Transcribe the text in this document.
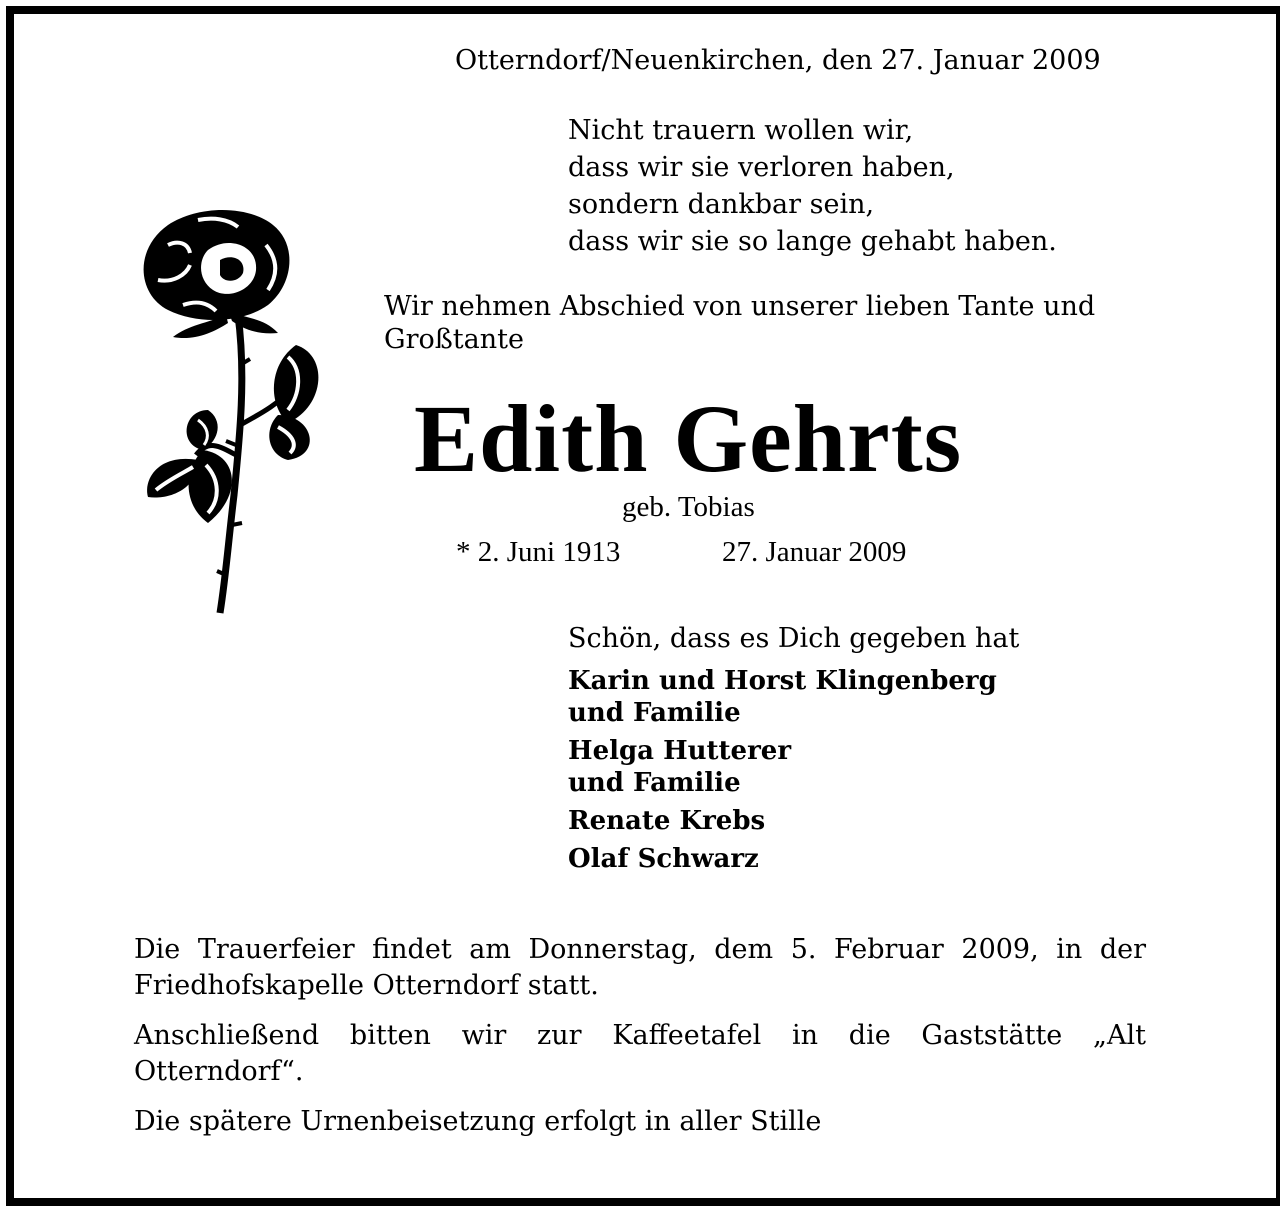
Otterndorf/Neuenkirchen, den 27. Januar 2009
Nicht trauern wollen wir,
dass wir sie verloren haben,
sondern dankbar sein,
dass wir sie so lange gehabt haben.
Wir nehmen Abschied von unserer lieben Tante und
Großtante
Edith Gehrts
geb. Tobias
* 2. Juni 1913	27. Januar 2009
Schön, dass es Dich gegeben hat
Karin und Horst Klingenberg
und Familie
Helga Hutterer
und Familie
Renate Krebs
Olaf Schwarz

Die Trauerfeier findet am Donnerstag, dem 5. Februar 2009, in der Friedhofskapelle Otterndorf statt.

Anschließend bitten wir zur Kaffeetafel in die Gaststätte „Alt Otterndorf“.

Die spätere Urnenbeisetzung erfolgt in aller Stille
